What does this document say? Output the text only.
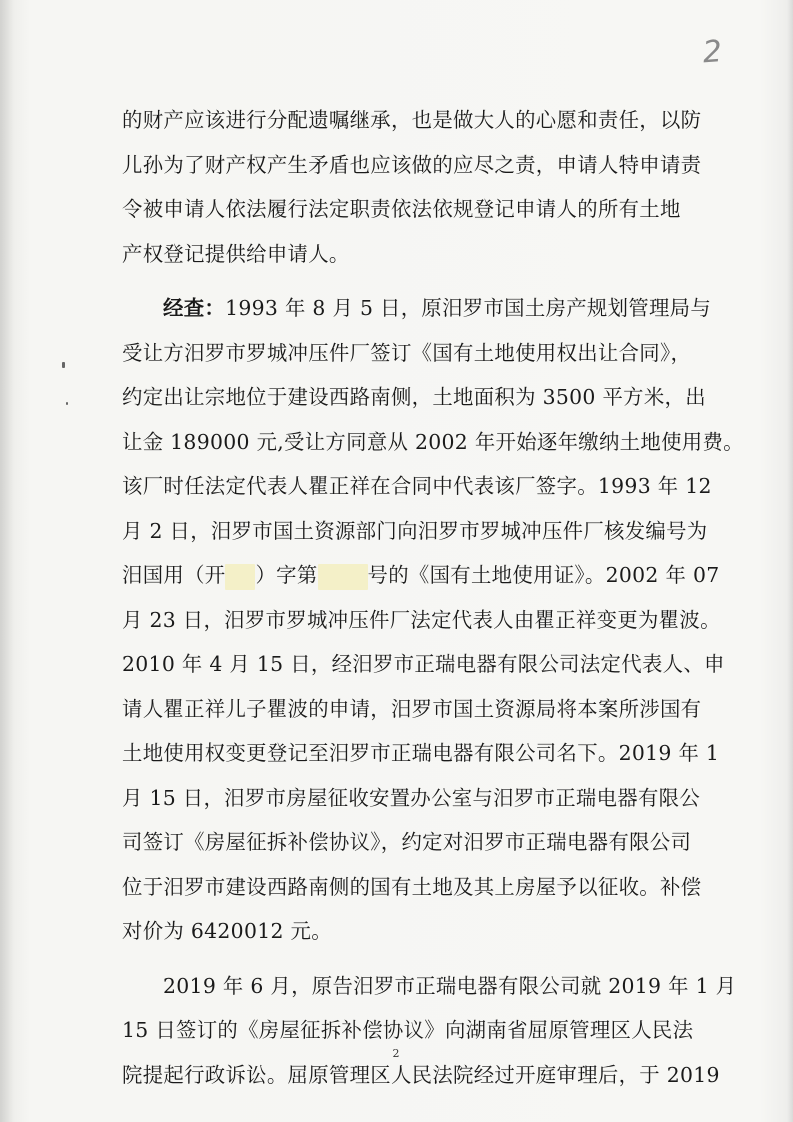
2
的财产应该进行分配遗嘱继承，也是做大人的心愿和责任，以防
儿孙为了财产权产生矛盾也应该做的应尽之责，申请人特申请责
令被申请人依法履行法定职责依法依规登记申请人的所有土地
产权登记提供给申请人。
经查：1993 年 8 月 5 日，原汨罗市国土房产规划管理局与
受让方汨罗市罗城冲压件厂签订《国有土地使用权出让合同》，
约定出让宗地位于建设西路南侧，土地面积为 3500 平方米，出
让金 189000 元,受让方同意从 2002 年开始逐年缴纳土地使用费。
该厂时任法定代表人瞿正祥在合同中代表该厂签字。1993 年 12
月 2 日，汨罗市国土资源部门向汨罗市罗城冲压件厂核发编号为
汨国用（开 ）字第 号的《国有土地使用证》。2002 年 07
月 23 日，汨罗市罗城冲压件厂法定代表人由瞿正祥变更为瞿波。
2010 年 4 月 15 日，经汨罗市正瑞电器有限公司法定代表人、申
请人瞿正祥儿子瞿波的申请，汨罗市国土资源局将本案所涉国有
土地使用权变更登记至汨罗市正瑞电器有限公司名下。2019 年 1
月 15 日，汨罗市房屋征收安置办公室与汨罗市正瑞电器有限公
司签订《房屋征拆补偿协议》，约定对汨罗市正瑞电器有限公司
位于汨罗市建设西路南侧的国有土地及其上房屋予以征收。补偿
对价为 6420012 元。
2019 年 6 月，原告汨罗市正瑞电器有限公司就 2019 年 1 月
15 日签订的《房屋征拆补偿协议》向湖南省屈原管理区人民法
院提起行政诉讼。屈原管理区人民法院经过开庭审理后，于 2019
2
